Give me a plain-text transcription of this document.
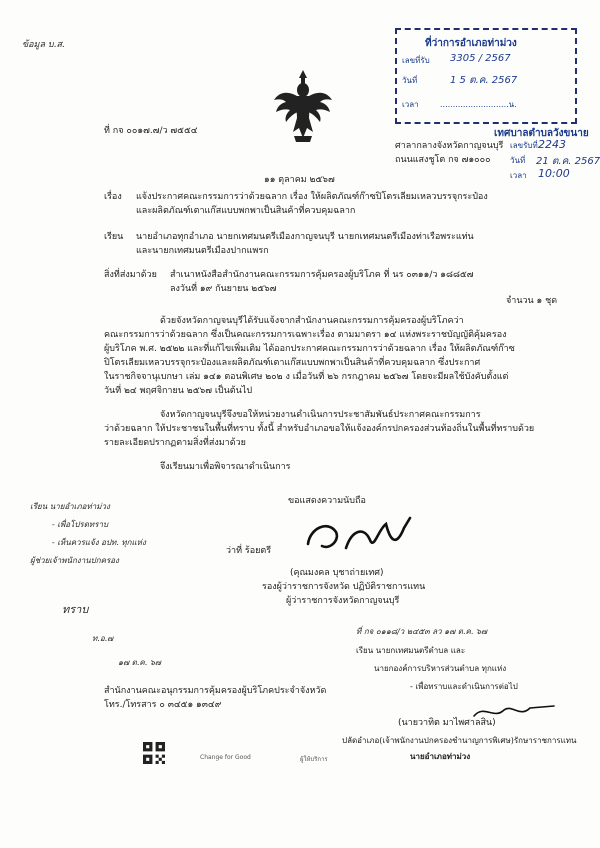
ข้อมูล บ.ส.	ที่ว่าการอำเภอท่าม่วง
เลขที่รับ 3305 / 2567
วันที่	1 5 ต.ค. 2567
เวลา	...........................น.
ที่ กจ ๐๐๑๗.๗/ว ๗๕๕๔	เทศบาลตำบลวังขนาย
เลขรับที่ 2243
วันที่ 21 ต.ค. 2567
เวลา 10:00
ศาลากลางจังหวัดกาญจนบุรี
ถนนแสงชูโต กจ ๗๑๐๐๐
๑๑ ตุลาคม ๒๕๖๗
เรื่อง แจ้งประกาศคณะกรรมการว่าด้วยฉลาก เรื่อง ให้ผลิตภัณฑ์ก๊าซปิโตรเลียมเหลวบรรจุกระป๋อง
และผลิตภัณฑ์เตาแก๊สแบบพกพาเป็นสินค้าที่ควบคุมฉลาก
เรียน นายอำเภอทุกอำเภอ นายกเทศมนตรีเมืองกาญจนบุรี นายกเทศมนตรีเมืองท่าเรือพระแท่น
และนายกเทศมนตรีเมืองปากแพรก
สิ่งที่ส่งมาด้วย สำเนาหนังสือสำนักงานคณะกรรมการคุ้มครองผู้บริโภค ที่ นร ๐๓๑๑/ว ๑๘๘๕๗
ลงวันที่ ๑๙ กันยายน ๒๕๖๗
จำนวน ๑ ชุด
ด้วยจังหวัดกาญจนบุรีได้รับแจ้งจากสำนักงานคณะกรรมการคุ้มครองผู้บริโภคว่า
คณะกรรมการว่าด้วยฉลาก ซึ่งเป็นคณะกรรมการเฉพาะเรื่อง ตามมาตรา ๑๔ แห่งพระราชบัญญัติคุ้มครอง
ผู้บริโภค พ.ศ. ๒๕๒๒ และที่แก้ไขเพิ่มเติม ได้ออกประกาศคณะกรรมการว่าด้วยฉลาก เรื่อง ให้ผลิตภัณฑ์ก๊าซ
ปิโตรเลียมเหลวบรรจุกระป๋องและผลิตภัณฑ์เตาแก๊สแบบพกพาเป็นสินค้าที่ควบคุมฉลาก ซึ่งประกาศ
ในราชกิจจานุเบกษา เล่ม ๑๔๑ ตอนพิเศษ ๒๐๒ ง เมื่อวันที่ ๒๖ กรกฎาคม ๒๕๖๗ โดยจะมีผลใช้บังคับตั้งแต่
วันที่ ๒๔ พฤศจิกายน ๒๕๖๗ เป็นต้นไป
จังหวัดกาญจนบุรีจึงขอให้หน่วยงานดำเนินการประชาสัมพันธ์ประกาศคณะกรรมการ
ว่าด้วยฉลาก ให้ประชาชนในพื้นที่ทราบ ทั้งนี้ สำหรับอำเภอขอให้แจ้งองค์กรปกครองส่วนท้องถิ่นในพื้นที่ทราบด้วย
รายละเอียดปรากฏตามสิ่งที่ส่งมาด้วย
จึงเรียนมาเพื่อพิจารณาดำเนินการ
เรียน นายอำเภอท่าม่วง
- เพื่อโปรดทราบ
- เห็นควรแจ้ง อปท. ทุกแห่ง
ผู้ช่วยเจ้าพนักงานปกครอง
ทราบ
ท.อ.๗
๑๗ ต.ค. ๖๗
ขอแสดงความนับถือ
ว่าที่ ร้อยตรี
(คุณมงคล บุชาถ่ายเทศ)
รองผู้ว่าราชการจังหวัด ปฏิบัติราชการแทน
ผู้ว่าราชการจังหวัดกาญจนบุรี
สำนักงานคณะอนุกรรมการคุ้มครองผู้บริโภคประจำจังหวัด
โทร./โทรสาร ๐ ๓๔๕๑ ๑๓๔๙
ที่ กจ ๐๑๑๘/ว ๒๔๕๓ ลว ๑๗ ต.ค. ๖๗
เรียน นายกเทศมนตรีตำบล และ
นายกองค์การบริหารส่วนตำบล ทุกแห่ง
- เพื่อทราบและดำเนินการต่อไป
(นายวาทิต มาไพศาลสิน)
ปลัดอำเภอ(เจ้าพนักงานปกครองชำนาญการพิเศษ)รักษาราชการแทน
นายอำเภอท่าม่วง
Change for Good	ผู้ให้บริการ
